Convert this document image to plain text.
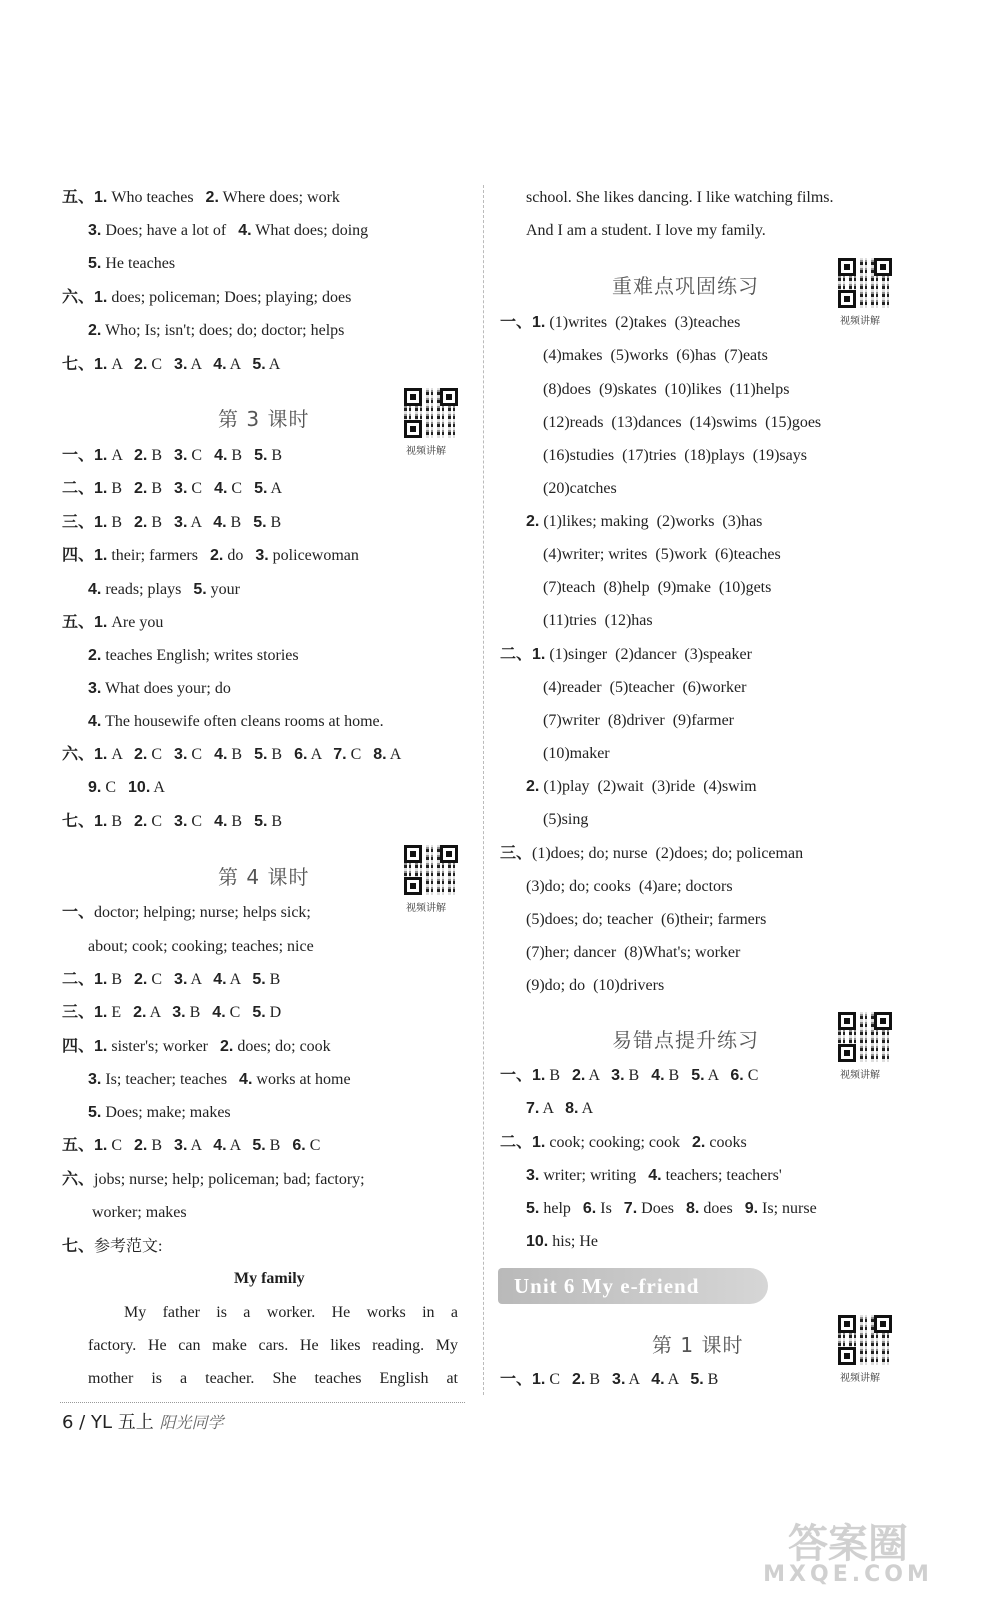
五、1. Who teaches 2. Where does; work
3. Does; have a lot of 4. What does; doing
5. He teaches
六、1. does; policeman; Does; playing; does
2. Who; Is; isn't; does; do; doctor; helps
七、1. A 2. C 3. A 4. A 5. A
一、1. A 2. B 3. C 4. B 5. B
二、1. B 2. B 3. C 4. C 5. A
三、1. B 2. B 3. A 4. B 5. B
四、1. their; farmers 2. do 3. policewoman
4. reads; plays 5. your
五、1. Are you
2. teaches English; writes stories
3. What does your; do
4. The housewife often cleans rooms at home.
六、1. A 2. C 3. C 4. B 5. B 6. A 7. C 8. A
9. C 10. A
七、1. B 2. C 3. C 4. B 5. B
一、doctor; helping; nurse; helps sick;
about; cook; cooking; teaches; nice
二、1. B 2. C 3. A 4. A 5. B
三、1. E 2. A 3. B 4. C 5. D
四、1. sister's; worker 2. does; do; cook
3. Is; teacher; teaches 4. works at home
5. Does; make; makes
五、1. C 2. B 3. A 4. A 5. B 6. C
六、jobs; nurse; help; policeman; bad; factory;
worker; makes
七、参考范文:
school. She likes dancing. I like watching films.
And I am a student. I love my family.
一、1. (1)writes  (2)takes  (3)teaches
(4)makes  (5)works  (6)has  (7)eats
(8)does  (9)skates  (10)likes  (11)helps
(12)reads  (13)dances  (14)swims  (15)goes
(16)studies  (17)tries  (18)plays  (19)says
(20)catches
2. (1)likes; making  (2)works  (3)has
(4)writer; writes  (5)work  (6)teaches
(7)teach  (8)help  (9)make  (10)gets
(11)tries  (12)has
二、1. (1)singer  (2)dancer  (3)speaker
(4)reader  (5)teacher  (6)worker
(7)writer  (8)driver  (9)farmer
(10)maker
2. (1)play  (2)wait  (3)ride  (4)swim
(5)sing
三、(1)does; do; nurse  (2)does; do; policeman
(3)do; do; cooks  (4)are; doctors
(5)does; do; teacher  (6)their; farmers
(7)her; dancer  (8)What's; worker
(9)do; do  (10)drivers
一、1. B 2. A 3. B 4. B 5. A 6. C
7. A 8. A
二、1. cook; cooking; cook 2. cooks
3. writer; writing 4. teachers; teachers'
5. help 6. Is 7. Does 8. does 9. Is; nurse
10. his; He
一、1. C 2. B 3. A 4. A 5. B
第 3 课时
第 4 课时
重难点巩固练习
易错点提升练习
第 1 课时
视频讲解
视频讲解
视频讲解
视频讲解
视频讲解
My family
My father is a worker. He works in a
factory. He can make cars. He likes reading. My
mother is a teacher. She teaches English at
Unit 6 My e-friend
6 / YL 五上 阳光同学
答案圈
MXQE.COM
